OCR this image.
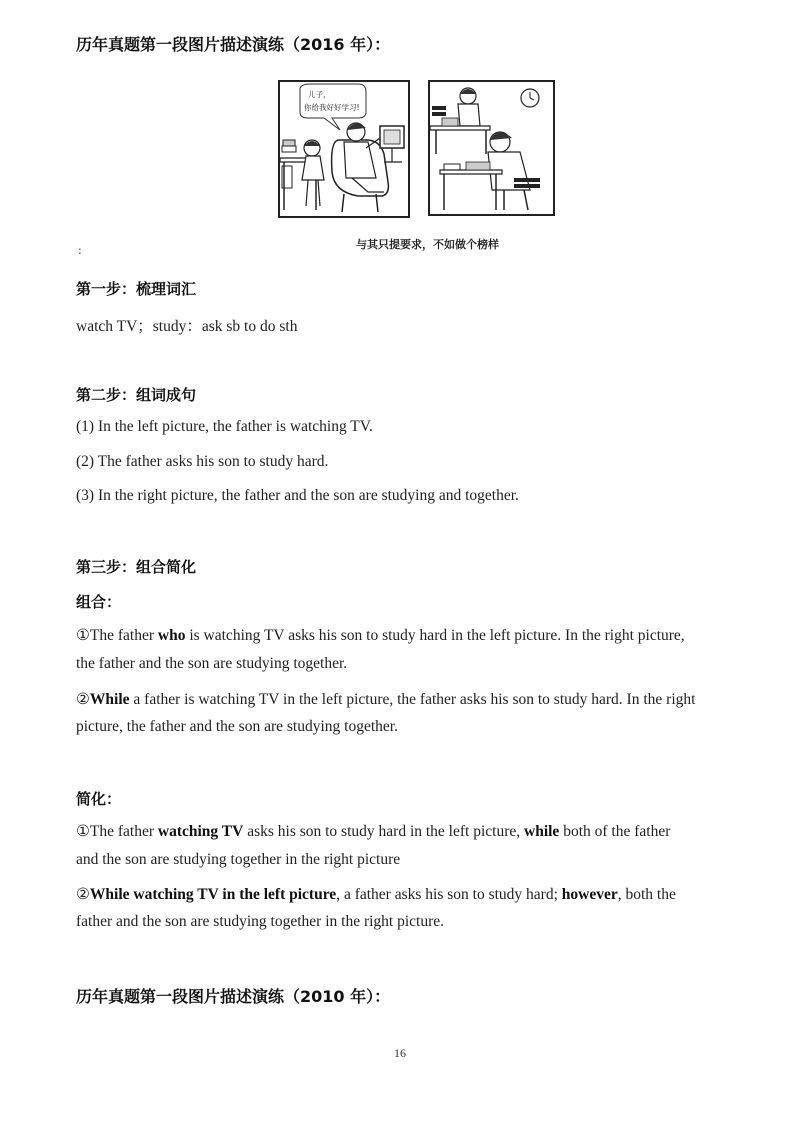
历年真题第一段图片描述演练（2016 年）：
儿子，
你给我好好学习!
与其只提要求，不如做个榜样
:
第一步：梳理词汇
watch TV；study：ask sb to do sth
第二步：组词成句
(1) In the left picture, the father is watching TV.
(2) The father asks his son to study hard.
(3) In the right picture, the father and the son are studying and together.
第三步：组合简化
组合：
①The father who is watching TV asks his son to study hard in the left picture. In the right picture,
the father and the son are studying together.
②While a father is watching TV in the left picture, the father asks his son to study hard. In the right
picture, the father and the son are studying together.
简化：
①The father watching TV asks his son to study hard in the left picture, while both of the father
and the son are studying together in the right picture
②While watching TV in the left picture, a father asks his son to study hard; however, both the
father and the son are studying together in the right picture.
历年真题第一段图片描述演练（2010 年）：
16
